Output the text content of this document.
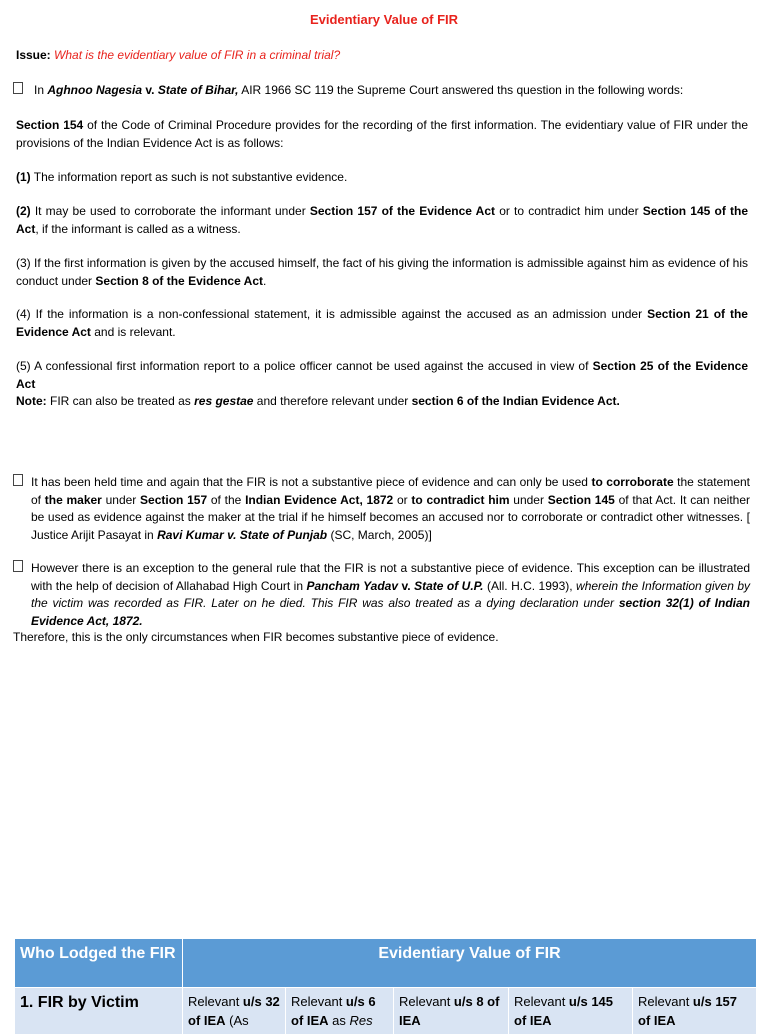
Evidentiary Value of FIR
Issue: What is the evidentiary value of FIR in a criminal trial?
In Aghnoo Nagesia v. State of Bihar, AIR 1966 SC 119 the Supreme Court answered ths question in the following words:
Section 154 of the Code of Criminal Procedure provides for the recording of the first information. The evidentiary value of FIR under the provisions of the Indian Evidence Act is as follows:
(1) The information report as such is not substantive evidence.
(2) It may be used to corroborate the informant under Section 157 of the Evidence Act or to contradict him under Section 145 of the Act, if the informant is called as a witness.
(3) If the first information is given by the accused himself, the fact of his giving the information is admissible against him as evidence of his conduct under Section 8 of the Evidence Act.
(4) If the information is a non-confessional statement, it is admissible against the accused as an admission under Section 21 of the Evidence Act and is relevant.
(5) A confessional first information report to a police officer cannot be used against the accused in view of Section 25 of the Evidence Act
Note: FIR can also be treated as res gestae and therefore relevant under section 6 of the Indian Evidence Act.
It has been held time and again that the FIR is not a substantive piece of evidence and can only be used to corroborate the statement of the maker under Section 157 of the Indian Evidence Act, 1872 or to contradict him under Section 145 of that Act. It can neither be used as evidence against the maker at the trial if he himself becomes an accused nor to corroborate or contradict other witnesses. [ Justice Arijit Pasayat in Ravi Kumar v. State of Punjab (SC, March, 2005)]
However there is an exception to the general rule that the FIR is not a substantive piece of evidence. This exception can be illustrated with the help of decision of Allahabad High Court in Pancham Yadav v. State of U.P. (All. H.C. 1993), wherein the Information given by the victim was recorded as FIR. Later on he died. This FIR was also treated as a dying declaration under section 32(1) of Indian Evidence Act, 1872.
Therefore, this is the only circumstances when FIR becomes substantive piece of evidence.
Who Lodged the FIR	Evidentiary Value of FIR				
1. FIR by Victim	Relevant u/s 32 of IEA (As	Relevant u/s 6 of IEA as Res	Relevant u/s 8 of IEA	Relevant u/s 145 of IEA	Relevant u/s 157 of IEA
